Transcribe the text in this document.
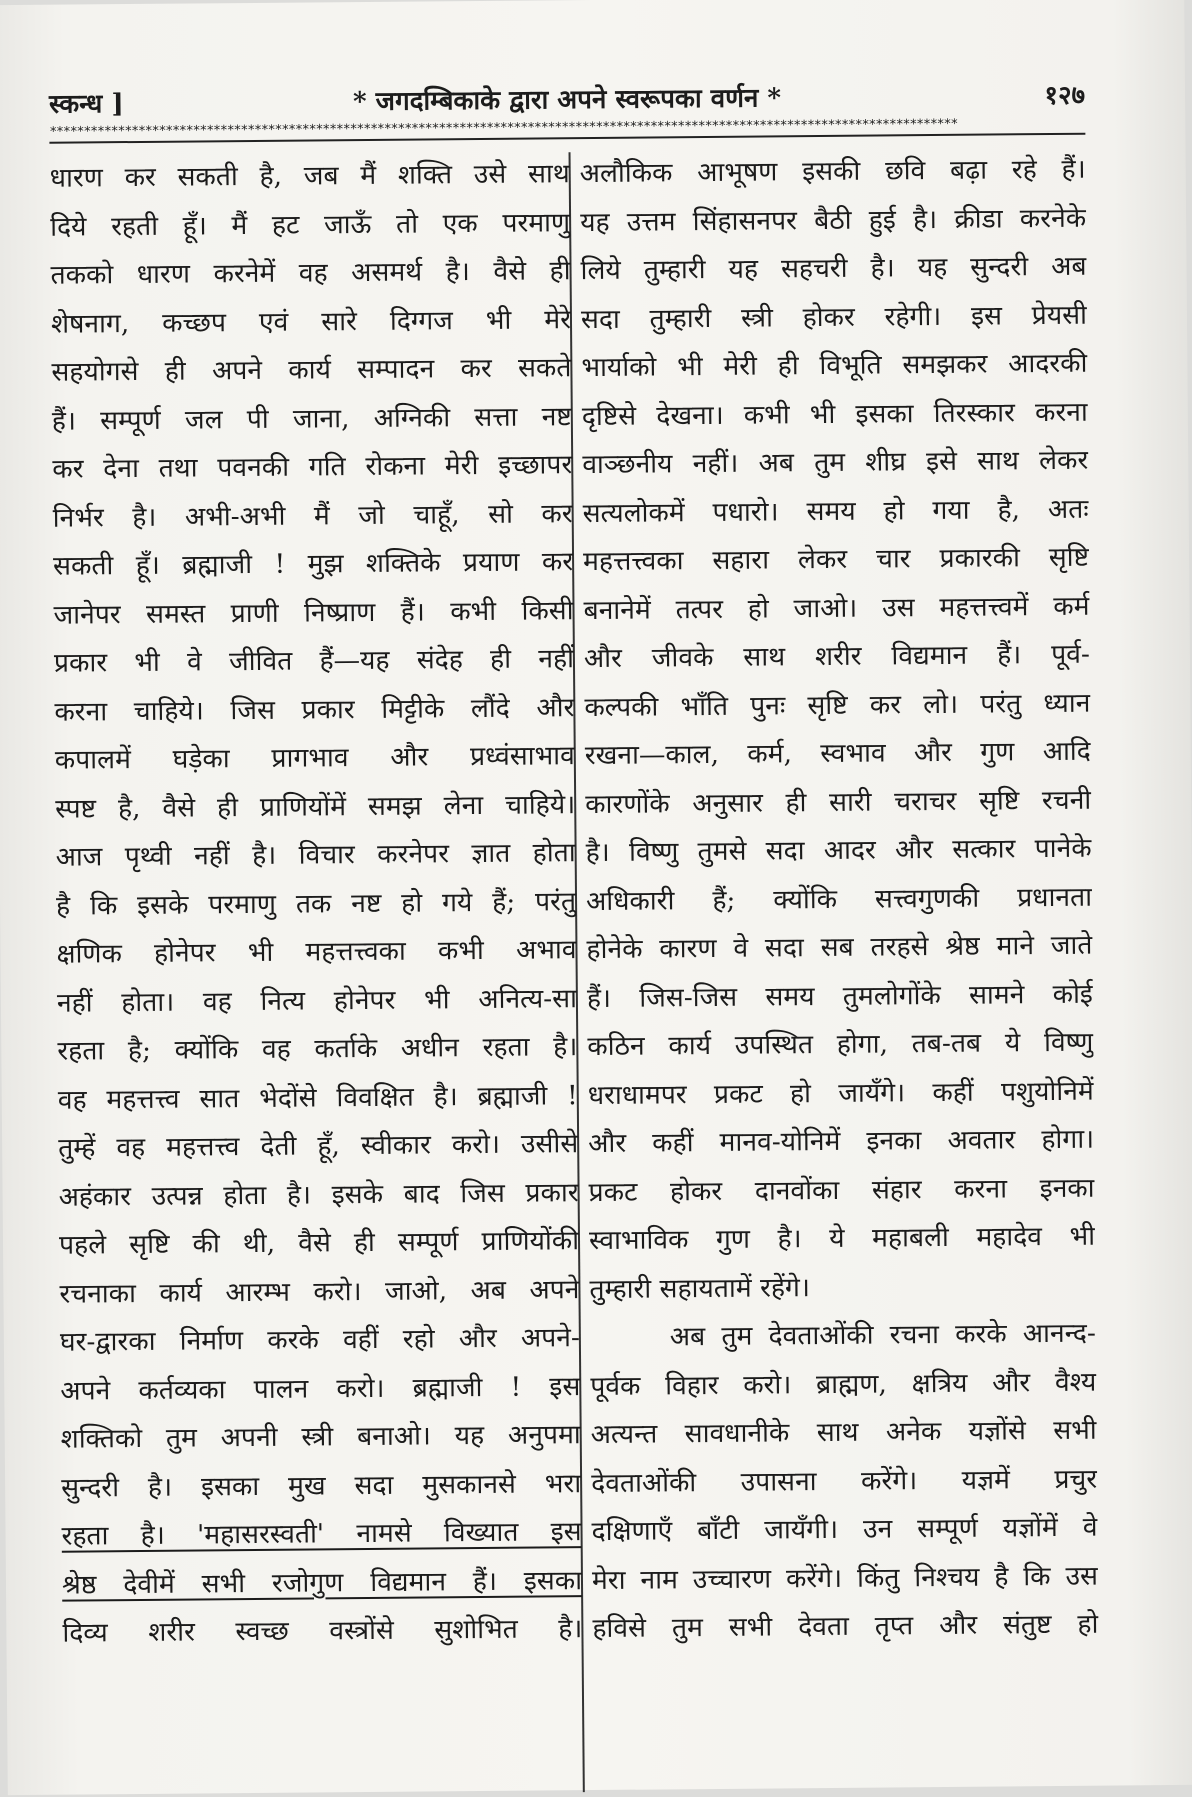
स्कन्ध ]	* जगदम्बिकाके द्वारा अपने स्वरूपका वर्णन *	१२७
*************************************************************************************************************************************
धारण कर सकती है, जब मैं शक्ति उसे साथ
दिये रहती हूँ। मैं हट जाऊँ तो एक परमाणु
तकको धारण करनेमें वह असमर्थ है। वैसे ही
शेषनाग, कच्छप एवं सारे दिग्गज भी मेरे
सहयोगसे ही अपने कार्य सम्पादन कर सकते
हैं। सम्पूर्ण जल पी जाना, अग्निकी सत्ता नष्ट
कर देना तथा पवनकी गति रोकना मेरी इच्छापर
निर्भर है। अभी-अभी मैं जो चाहूँ, सो कर
सकती हूँ। ब्रह्माजी ! मुझ शक्तिके प्रयाण कर
जानेपर समस्त प्राणी निष्प्राण हैं। कभी किसी
प्रकार भी वे जीवित हैं—यह संदेह ही नहीं
करना चाहिये। जिस प्रकार मिट्टीके लौंदे और
कपालमें घड़ेका प्रागभाव और प्रध्वंसाभाव
स्पष्ट है, वैसे ही प्राणियोंमें समझ लेना चाहिये।
आज पृथ्वी नहीं है। विचार करनेपर ज्ञात होता
है कि इसके परमाणु तक नष्ट हो गये हैं; परंतु
क्षणिक होनेपर भी महत्तत्त्वका कभी अभाव
नहीं होता। वह नित्य होनेपर भी अनित्य-सा
रहता है; क्योंकि वह कर्ताके अधीन रहता है।
वह महत्तत्त्व सात भेदोंसे विवक्षित है। ब्रह्माजी !
तुम्हें वह महत्तत्त्व देती हूँ, स्वीकार करो। उसीसे
अहंकार उत्पन्न होता है। इसके बाद जिस प्रकार
पहले सृष्टि की थी, वैसे ही सम्पूर्ण प्राणियोंकी
रचनाका कार्य आरम्भ करो। जाओ, अब अपने
घर-द्वारका निर्माण करके वहीं रहो और अपने-
अपने कर्तव्यका पालन करो। ब्रह्माजी ! इस
शक्तिको तुम अपनी स्त्री बनाओ। यह अनुपमा
सुन्दरी है। इसका मुख सदा मुसकानसे भरा
रहता है। 'महासरस्वती' नामसे विख्यात इस
श्रेष्ठ देवीमें सभी रजोगुण विद्यमान हैं। इसका
दिव्य शरीर स्वच्छ वस्त्रोंसे सुशोभित है।
अलौकिक आभूषण इसकी छवि बढ़ा रहे हैं।
यह उत्तम सिंहासनपर बैठी हुई है। क्रीडा करनेके
लिये तुम्हारी यह सहचरी है। यह सुन्दरी अब
सदा तुम्हारी स्त्री होकर रहेगी। इस प्रेयसी
भार्याको भी मेरी ही विभूति समझकर आदरकी
दृष्टिसे देखना। कभी भी इसका तिरस्कार करना
वाञ्छनीय नहीं। अब तुम शीघ्र इसे साथ लेकर
सत्यलोकमें पधारो। समय हो गया है, अतः
महत्तत्त्वका सहारा लेकर चार प्रकारकी सृष्टि
बनानेमें तत्पर हो जाओ। उस महत्तत्त्वमें कर्म
और जीवके साथ शरीर विद्यमान हैं। पूर्व-
कल्पकी भाँति पुनः सृष्टि कर लो। परंतु ध्यान
रखना—काल, कर्म, स्वभाव और गुण आदि
कारणोंके अनुसार ही सारी चराचर सृष्टि रचनी
है। विष्णु तुमसे सदा आदर और सत्कार पानेके
अधिकारी हैं; क्योंकि सत्त्वगुणकी प्रधानता
होनेके कारण वे सदा सब तरहसे श्रेष्ठ माने जाते
हैं। जिस-जिस समय तुमलोगोंके सामने कोई
कठिन कार्य उपस्थित होगा, तब-तब ये विष्णु
धराधामपर प्रकट हो जायँगे। कहीं पशुयोनिमें
और कहीं मानव-योनिमें इनका अवतार होगा।
प्रकट होकर दानवोंका संहार करना इनका
स्वाभाविक गुण है। ये महाबली महादेव भी
तुम्हारी सहायतामें रहेंगे।
अब तुम देवताओंकी रचना करके आनन्द-
पूर्वक विहार करो। ब्राह्मण, क्षत्रिय और वैश्य
अत्यन्त सावधानीके साथ अनेक यज्ञोंसे सभी
देवताओंकी उपासना करेंगे। यज्ञमें प्रचुर
दक्षिणाएँ बाँटी जायँगी। उन सम्पूर्ण यज्ञोंमें वे
मेरा नाम उच्चारण करेंगे। किंतु निश्चय है कि उस
हविसे तुम सभी देवता तृप्त और संतुष्ट हो
